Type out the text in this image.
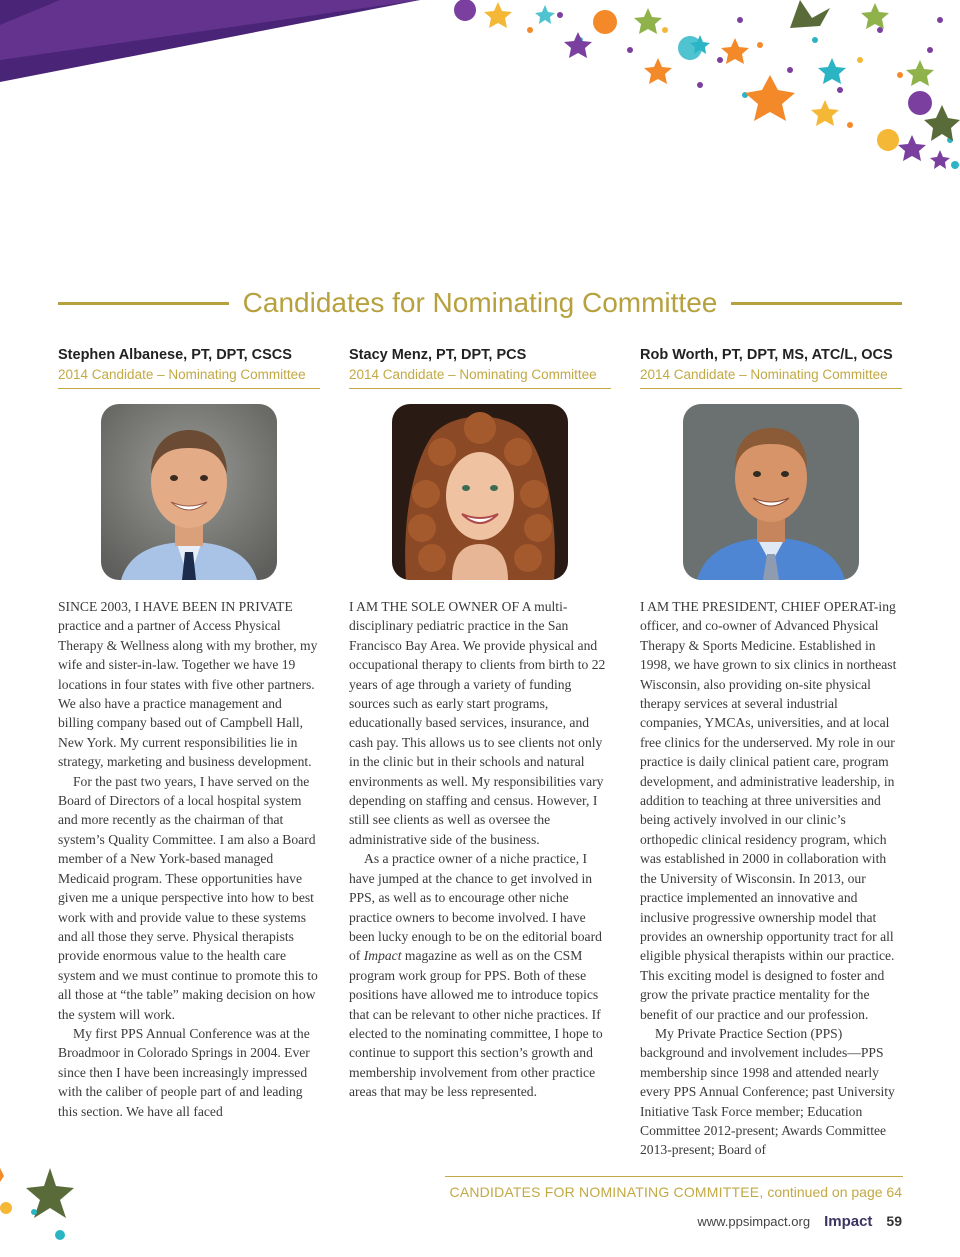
Candidates for Nominating Committee
Stephen Albanese, PT, DPT, CSCS
2014 Candidate – Nominating Committee

SINCE 2003, I HAVE BEEN IN PRIVATE practice and a partner of Access Physical Therapy & Wellness along with my brother, my wife and sister-in-law. Together we have 19 locations in four states with five other partners. We also have a practice management and billing company based out of Campbell Hall, New York. My current responsibilities lie in strategy, marketing and business development.

For the past two years, I have served on the Board of Directors of a local hospital system and more recently as the chairman of that system’s Quality Committee. I am also a Board member of a New York-based managed Medicaid program. These opportunities have given me a unique perspective into how to best work with and provide value to these systems and all those they serve. Physical therapists provide enormous value to the health care system and we must continue to promote this to all those at “the table” making decision on how the system will work.

My first PPS Annual Conference was at the Broadmoor in Colorado Springs in 2004. Ever since then I have been increasingly impressed with the caliber of people part of and leading this section. We have all faced

Stacy Menz, PT, DPT, PCS
2014 Candidate – Nominating Committee

I AM THE SOLE OWNER OF A multi-disciplinary pediatric practice in the San Francisco Bay Area. We provide physical and occupational therapy to clients from birth to 22 years of age through a variety of funding sources such as early start programs, educationally based services, insurance, and cash pay. This allows us to see clients not only in the clinic but in their schools and natural environments as well. My responsibilities vary depending on staffing and census. However, I still see clients as well as oversee the administrative side of the business.

As a practice owner of a niche practice, I have jumped at the chance to get involved in PPS, as well as to encourage other niche practice owners to become involved. I have been lucky enough to be on the editorial board of Impact magazine as well as on the CSM program work group for PPS. Both of these positions have allowed me to introduce topics that can be relevant to other niche practices. If elected to the nominating committee, I hope to continue to support this section’s growth and membership involvement from other practice areas that may be less represented.

Rob Worth, PT, DPT, MS, ATC/L, OCS
2014 Candidate – Nominating Committee

I AM THE PRESIDENT, CHIEF OPERAT-ing officer, and co-owner of Advanced Physical Therapy & Sports Medicine. Established in 1998, we have grown to six clinics in northeast Wisconsin, also providing on-site physical therapy services at several industrial companies, YMCAs, universities, and at local free clinics for the underserved. My role in our practice is daily clinical patient care, program development, and administrative leadership, in addition to teaching at three universities and being actively involved in our clinic’s orthopedic clinical residency program, which was established in 2000 in collaboration with the University of Wisconsin. In 2013, our practice implemented an innovative and inclusive progressive ownership model that provides an ownership opportunity tract for all eligible physical therapists within our practice. This exciting model is designed to foster and grow the private practice mentality for the benefit of our practice and our profession.

My Private Practice Section (PPS) background and involvement includes—PPS membership since 1998 and attended nearly every PPS Annual Conference; past University Initiative Task Force member; Education Committee 2012-present; Awards Committee 2013-present; Board of

CANDIDATES FOR NOMINATING COMMITTEE, continued on page 64
www.ppsimpact.org Impact 59
